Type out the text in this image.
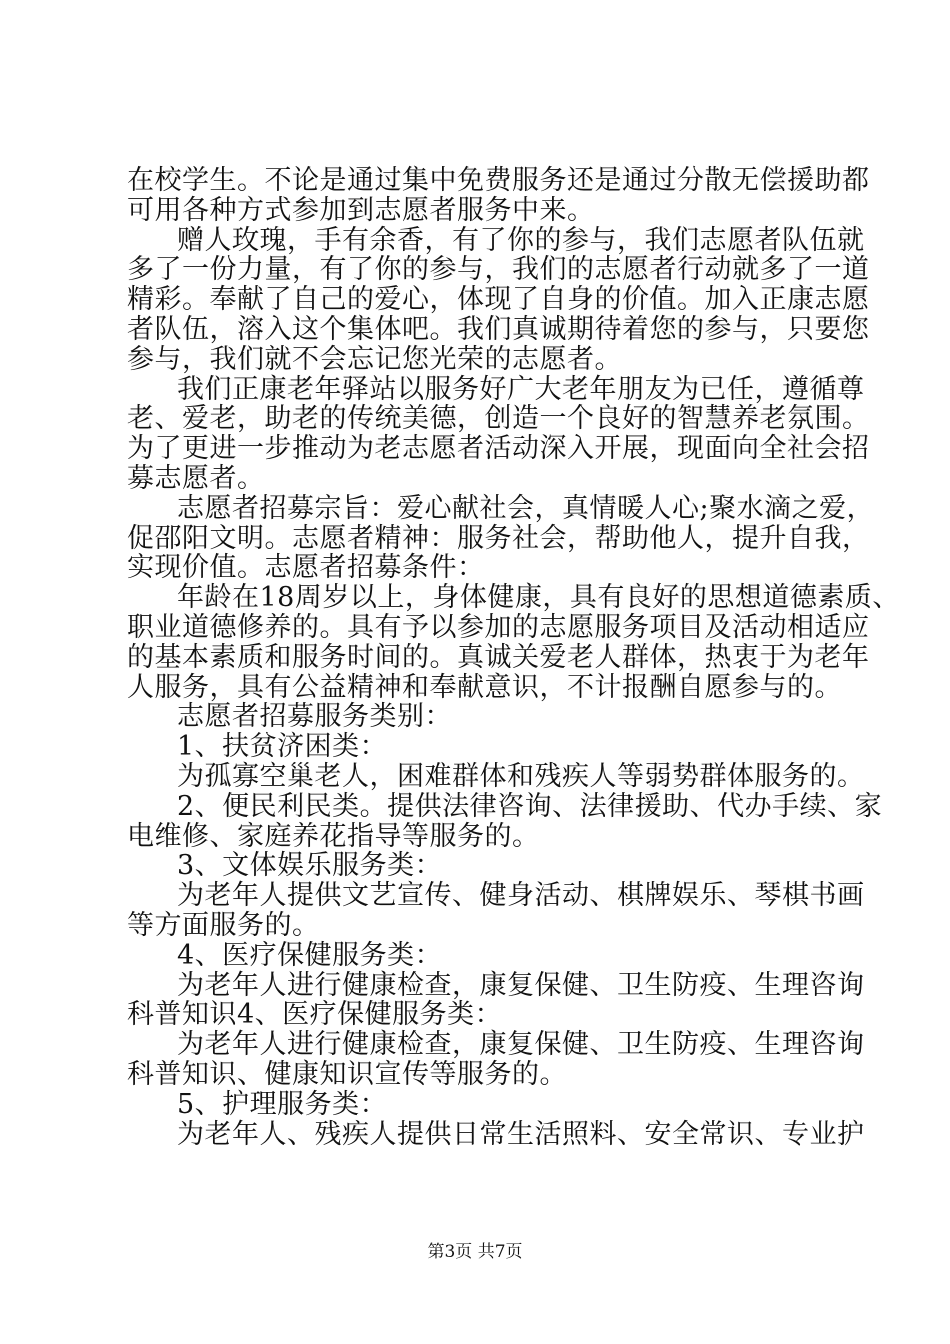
在校学生。不论是通过集中免费服务还是通过分散无偿援助都
可用各种方式参加到志愿者服务中来。
赠人玫瑰，手有余香，有了你的参与，我们志愿者队伍就
多了一份力量，有了你的参与，我们的志愿者行动就多了一道
精彩。奉献了自己的爱心，体现了自身的价值。加入正康志愿
者队伍，溶入这个集体吧。我们真诚期待着您的参与，只要您
参与，我们就不会忘记您光荣的志愿者。
我们正康老年驿站以服务好广大老年朋友为已任，遵循尊
老、爱老，助老的传统美德，创造一个良好的智慧养老氛围。
为了更进一步推动为老志愿者活动深入开展，现面向全社会招
募志愿者。
志愿者招募宗旨：爱心献社会，真情暖人心;聚水滴之爱，
促邵阳文明。志愿者精神：服务社会，帮助他人，提升自我，
实现价值。志愿者招募条件：
年龄在18周岁以上，身体健康，具有良好的思想道德素质、
职业道德修养的。具有予以参加的志愿服务项目及活动相适应
的基本素质和服务时间的。真诚关爱老人群体，热衷于为老年
人服务，具有公益精神和奉献意识，不计报酬自愿参与的。
志愿者招募服务类别：
1、扶贫济困类：
为孤寡空巢老人，困难群体和残疾人等弱势群体服务的。
2、便民利民类。提供法律咨询、法律援助、代办手续、家
电维修、家庭养花指导等服务的。
3、文体娱乐服务类：
为老年人提供文艺宣传、健身活动、棋牌娱乐、琴棋书画
等方面服务的。
4、医疗保健服务类：
为老年人进行健康检查，康复保健、卫生防疫、生理咨询
科普知识4、医疗保健服务类：
为老年人进行健康检查，康复保健、卫生防疫、生理咨询
科普知识、健康知识宣传等服务的。
5、护理服务类：
为老年人、残疾人提供日常生活照料、安全常识、专业护
第3页 共7页
